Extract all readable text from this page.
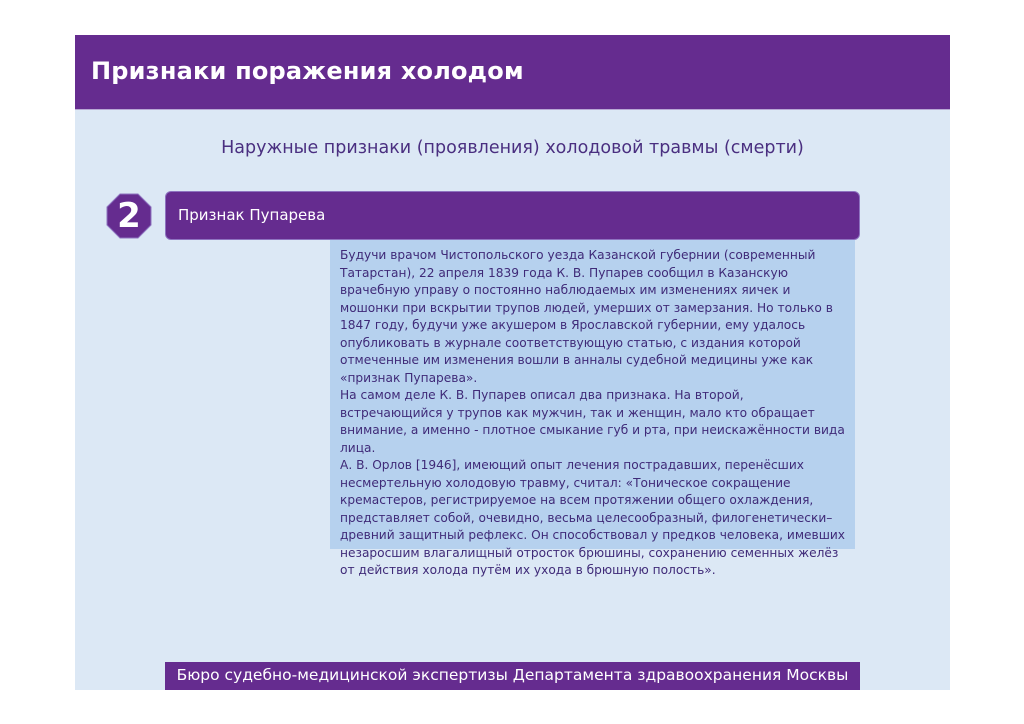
Признаки поражения холодом
Наружные признаки (проявления) холодовой травмы (смерти)
2	Признак Пупарева

Будучи врачом Чистопольского уезда Казанской губернии (современный Татарстан), 22 апреля 1839 года К. В. Пупарев сообщил в Казанскую врачебную управу о постоянно наблюдаемых им изменениях яичек и мошонки при вскрытии трупов людей, умерших от замерзания. Но только в 1847 году, будучи уже акушером в Ярославской губернии, ему удалось опубликовать в журнале соответствующую статью, с издания которой отмеченные им изменения вошли в анналы судебной медицины уже как «признак Пупарева».

На самом деле К. В. Пупарев описал два признака. На второй, встречающийся у трупов как мужчин, так и женщин, мало кто обращает внимание, а именно - плотное смыкание губ и рта, при неискажённости вида лица.

А. В. Орлов [1946], имеющий опыт лечения пострадавших, перенёсших несмертельную холодовую травму, считал: «Тоническое сокращение кремастеров, регистрируемое на всем протяжении общего охлаждения, представляет собой, очевидно, весьма целесообразный, филогенетически– древний защитный рефлекс. Он способствовал у предков человека, имевших незаросшим влагалищный отросток брюшины, сохранению семенных желёз от действия холода путём их ухода в брюшную полость».

Бюро судебно-медицинской экспертизы Департамента здравоохранения Москвы
